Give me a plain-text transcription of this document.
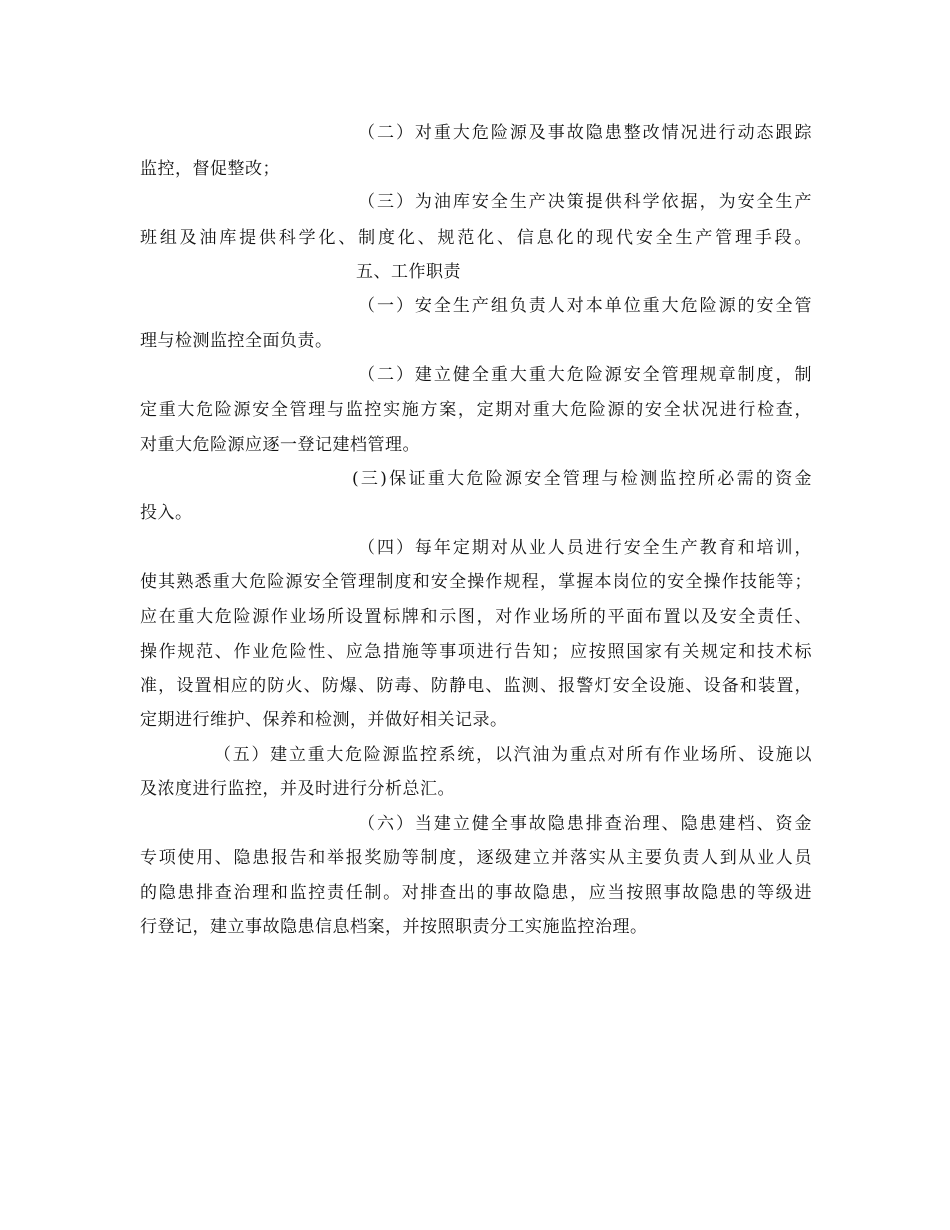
（二）对重大危险源及事故隐患整改情况进行动态跟踪
监控，督促整改；
（三）为油库安全生产决策提供科学依据，为安全生产
班组及油库提供科学化、制度化、规范化、信息化的现代安全生产管理手段。
五、工作职责
（一）安全生产组负责人对本单位重大危险源的安全管
理与检测监控全面负责。
（二）建立健全重大重大危险源安全管理规章制度，制
定重大危险源安全管理与监控实施方案，定期对重大危险源的安全状况进行检查，
对重大危险源应逐一登记建档管理。
(三)保证重大危险源安全管理与检测监控所必需的资金
投入。
（四）每年定期对从业人员进行安全生产教育和培训，
使其熟悉重大危险源安全管理制度和安全操作规程，掌握本岗位的安全操作技能等；
应在重大危险源作业场所设置标牌和示图，对作业场所的平面布置以及安全责任、
操作规范、作业危险性、应急措施等事项进行告知；应按照国家有关规定和技术标
准，设置相应的防火、防爆、防毒、防静电、监测、报警灯安全设施、设备和装置，
定期进行维护、保养和检测，并做好相关记录。
（五）建立重大危险源监控系统，以汽油为重点对所有作业场所、设施以
及浓度进行监控，并及时进行分析总汇。
（六）当建立健全事故隐患排查治理、隐患建档、资金
专项使用、隐患报告和举报奖励等制度，逐级建立并落实从主要负责人到从业人员
的隐患排查治理和监控责任制。对排查出的事故隐患，应当按照事故隐患的等级进
行登记，建立事故隐患信息档案，并按照职责分工实施监控治理。
